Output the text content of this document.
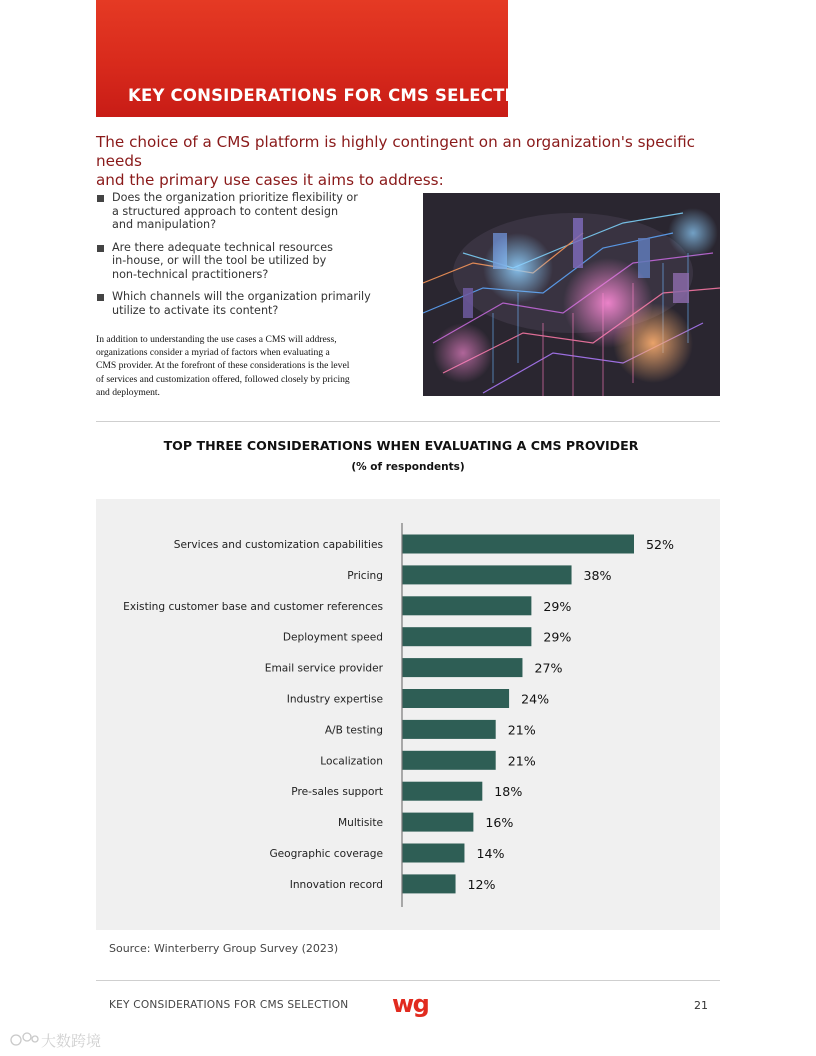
KEY CONSIDERATIONS FOR CMS SELECTION
The choice of a CMS platform is highly contingent on an organization's specific needs
and the primary use cases it aims to address:
Does the organization prioritize flexibility or
a structured approach to content design
and manipulation?
Are there adequate technical resources
in-house, or will the tool be utilized by
non-technical practitioners?
Which channels will the organization primarily
utilize to activate its content?
In addition to understanding the use cases a CMS will address,
organizations consider a myriad of factors when evaluating a
CMS provider. At the forefront of these considerations is the level
of services and customization offered, followed closely by pricing
and deployment.
TOP THREE CONSIDERATIONS WHEN EVALUATING A CMS PROVIDER
(% of respondents)
Services and customization capabilities	52%
Pricing	38%
Existing customer base and customer references	29%
Deployment speed	29%
Email service provider	27%
Industry expertise	24%
A/B testing	21%
Localization	21%
Pre-sales support	18%
Multisite	16%
Geographic coverage	14%
Innovation record	12%
Source: Winterberry Group Survey (2023)
KEY CONSIDERATIONS FOR CMS SELECTION wg	21
大数跨境
